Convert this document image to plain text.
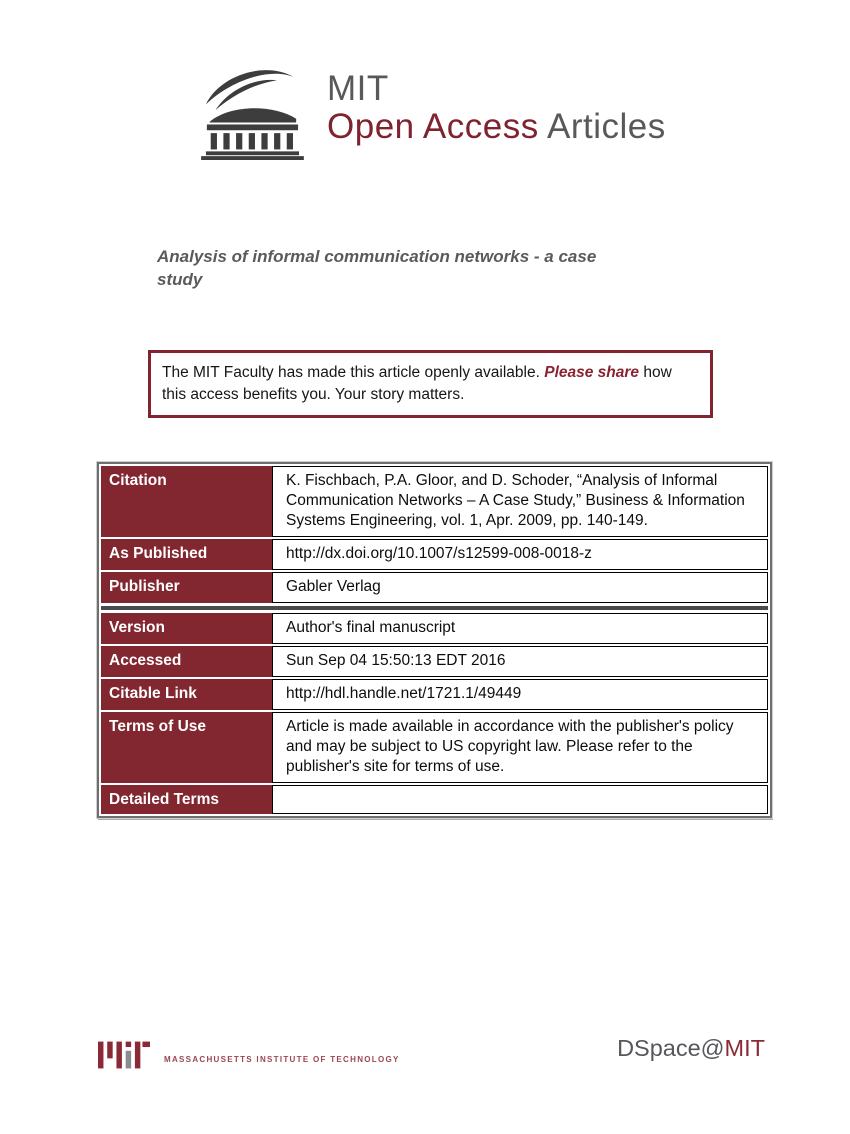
MIT
Open Access Articles
Analysis of informal communication networks - a case study
The MIT Faculty has made this article openly available. Please share how this access benefits you. Your story matters.
Citation	K. Fischbach, P.A. Gloor, and D. Schoder, “Analysis of Informal Communication Networks – A Case Study,” Business & Information Systems Engineering, vol. 1, Apr. 2009, pp. 140-149.
As Published	http://dx.doi.org/10.1007/s12599-008-0018-z
Publisher	Gabler Verlag
Version	Author's final manuscript
Accessed	Sun Sep 04 15:50:13 EDT 2016
Citable Link	http://hdl.handle.net/1721.1/49449
Terms of Use	Article is made available in accordance with the publisher's policy and may be subject to US copyright law. Please refer to the publisher's site for terms of use.
Detailed Terms
MASSACHUSETTS INSTITUTE OF TECHNOLOGY	DSpace@MIT
